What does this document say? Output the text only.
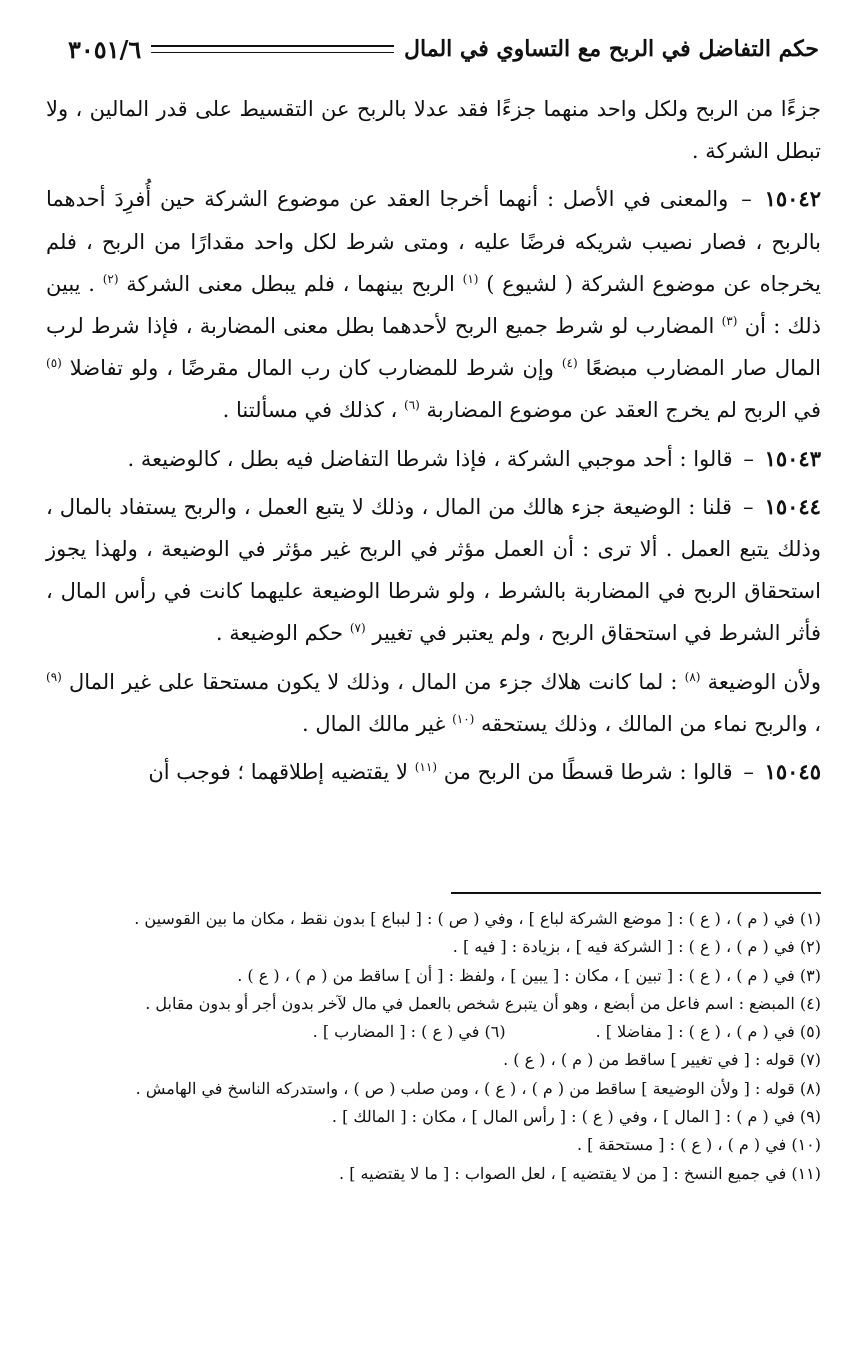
حكم التفاضل في الربح مع التساوي في المال
٣٠٥١/٦

جزءًا من الربح ولكل واحد منهما جزءًا فقد عدلا بالربح عن التقسيط على قدر المالين ، ولا تبطل الشركة .

١٥٠٤٢ – والمعنى في الأصل : أنهما أخرجا العقد عن موضوع الشركة حين أُفرِدَ أحدهما بالربح ، فصار نصيب شريكه فرضًا عليه ، ومتى شرط لكل واحد مقدارًا من الربح ، فلم يخرجاه عن موضوع الشركة ( لشيوع ) $^{(١)}$ الربح بينهما ، فلم يبطل معنى الشركة $^{(٢)}$ . يبين ذلك : أن $^{(٣)}$ المضارب لو شرط جميع الربح لأحدهما بطل معنى المضاربة ، فإذا شرط لرب المال صار المضارب مبضعًا $^{(٤)}$ وإن شرط للمضارب كان رب المال مقرضًا ، ولو تفاضلا $^{(٥)}$ في الربح لم يخرج العقد عن موضوع المضاربة $^{(٦)}$ ، كذلك في مسألتنا .

١٥٠٤٣ – قالوا : أحد موجبي الشركة ، فإذا شرطا التفاضل فيه بطل ، كالوضيعة .

١٥٠٤٤ – قلنا : الوضيعة جزء هالك من المال ، وذلك لا يتبع العمل ، والربح يستفاد بالمال ، وذلك يتبع العمل . ألا ترى : أن العمل مؤثر في الربح غير مؤثر في الوضيعة ، ولهذا يجوز استحقاق الربح في المضاربة بالشرط ، ولو شرطا الوضيعة عليهما كانت في رأس المال ، فأثر الشرط في استحقاق الربح ، ولم يعتبر في تغيير $^{(٧)}$ حكم الوضيعة .

ولأن الوضيعة $^{(٨)}$ : لما كانت هلاك جزء من المال ، وذلك لا يكون مستحقا على غير المال $^{(٩)}$ ، والربح نماء من المالك ، وذلك يستحقه $^{(١٠)}$ غير مالك المال .

١٥٠٤٥ – قالوا : شرطا قسطًا من الربح من $^{(١١)}$ لا يقتضيه إطلاقهما ؛ فوجب أن

(١) في ( م ) ، ( ع ) : [ موضع الشركة لباع ] ، وفي ( ص ) : [ لبباع ] بدون نقط ، مكان ما بين القوسين .
(٢) في ( م ) ، ( ع ) : [ الشركة فيه ] ، بزيادة : [ فيه ] .
(٣) في ( م ) ، ( ع ) : [ تبين ] ، مكان : [ يبين ] ، ولفظ : [ أن ] ساقط من ( م ) ، ( ع ) .
(٤) المبضع : اسم فاعل من أبضع ، وهو أن يتبرع شخص بالعمل في مال لآخر بدون أجر أو بدون مقابل .
(٥) في ( م ) ، ( ع ) : [ مفاضلا ] .
(٦) في ( ع ) : [ المضارب ] .
(٧) قوله : [ في تغيير ] ساقط من ( م ) ، ( ع ) .
(٨) قوله : [ ولأن الوضيعة ] ساقط من ( م ) ، ( ع ) ، ومن صلب ( ص ) ، واستدركه الناسخ في الهامش .
(٩) في ( م ) : [ المال ] ، وفي ( ع ) : [ رأس المال ] ، مكان : [ المالك ] .
(١٠) في ( م ) ، ( ع ) : [ مستحقة ] .
(١١) في جميع النسخ : [ من لا يقتضيه ] ، لعل الصواب : [ ما لا يقتضيه ] .
